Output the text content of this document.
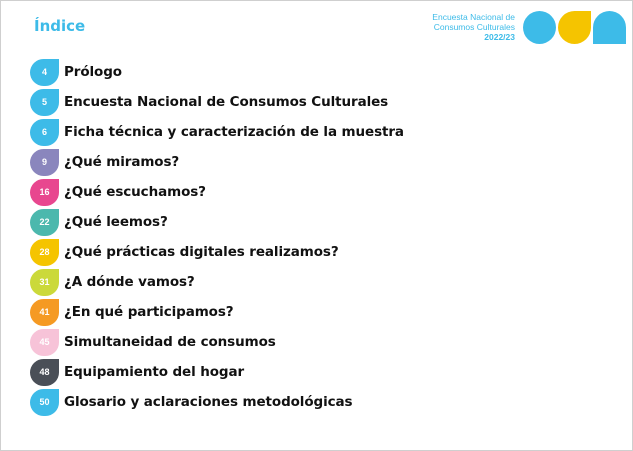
Índice	Encuesta Nacional de
Consumos Culturales
2022/23
4	Prólogo
5	Encuesta Nacional de Consumos Culturales
6	Ficha técnica y caracterización de la muestra
9	¿Qué miramos?
16	¿Qué escuchamos?
22	¿Qué leemos?
28	¿Qué prácticas digitales realizamos?
31	¿A dónde vamos?
41	¿En qué participamos?
45	Simultaneidad de consumos
48	Equipamiento del hogar
50	Glosario y aclaraciones metodológicas
